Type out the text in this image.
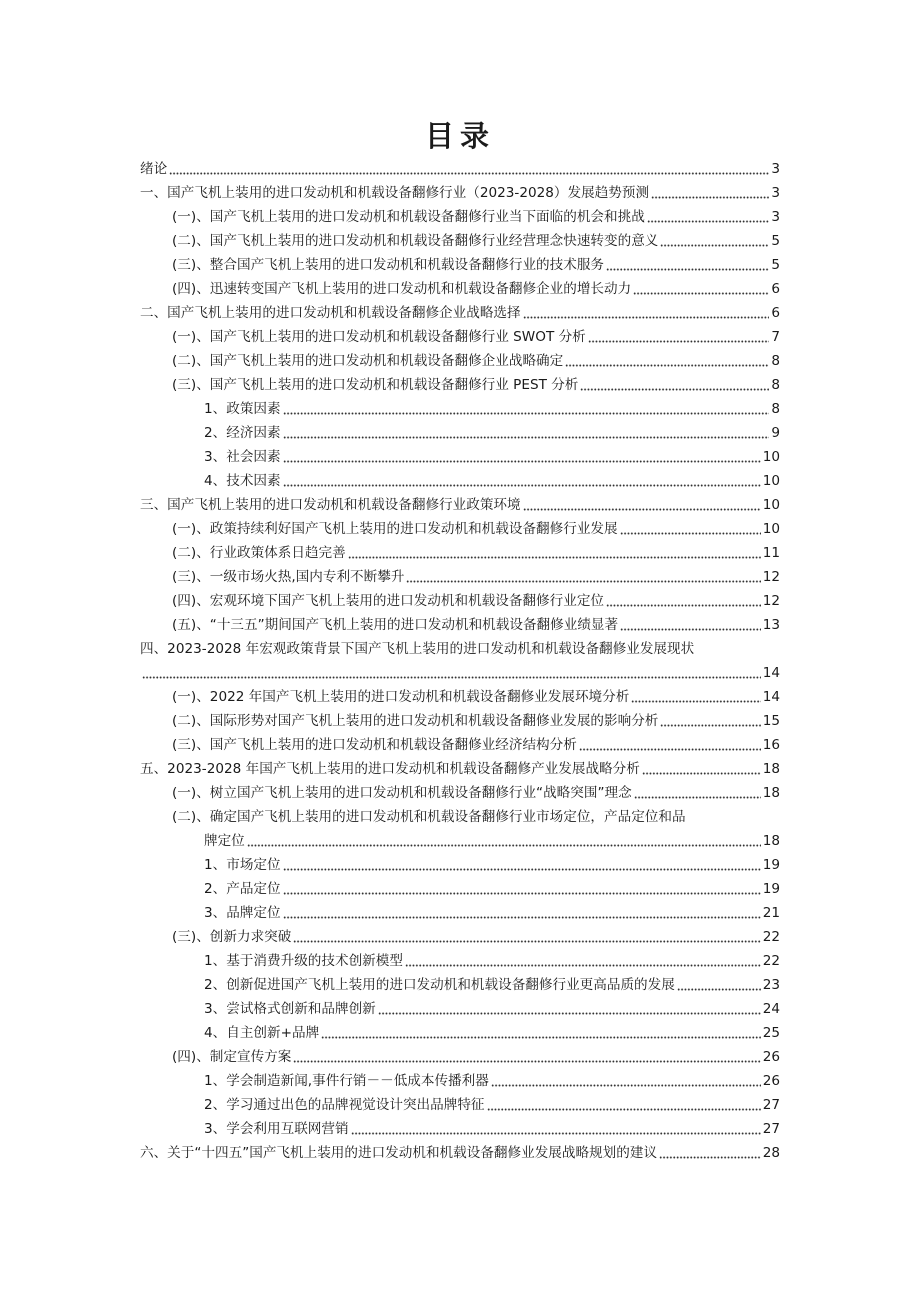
目录
绪论	3
一、国产飞机上装用的进口发动机和机载设备翻修行业（2023-2028）发展趋势预测	3
(一)、国产飞机上装用的进口发动机和机载设备翻修行业当下面临的机会和挑战	3
(二)、国产飞机上装用的进口发动机和机载设备翻修行业经营理念快速转变的意义	5
(三)、整合国产飞机上装用的进口发动机和机载设备翻修行业的技术服务	5
(四)、迅速转变国产飞机上装用的进口发动机和机载设备翻修企业的增长动力	6
二、国产飞机上装用的进口发动机和机载设备翻修企业战略选择	6
(一)、国产飞机上装用的进口发动机和机载设备翻修行业 SWOT 分析	7
(二)、国产飞机上装用的进口发动机和机载设备翻修企业战略确定	8
(三)、国产飞机上装用的进口发动机和机载设备翻修行业 PEST 分析	8
1、政策因素	8
2、经济因素	9
3、社会因素	10
4、技术因素	10
三、国产飞机上装用的进口发动机和机载设备翻修行业政策环境	10
(一)、政策持续利好国产飞机上装用的进口发动机和机载设备翻修行业发展	10
(二)、行业政策体系日趋完善	11
(三)、一级市场火热,国内专利不断攀升	12
(四)、宏观环境下国产飞机上装用的进口发动机和机载设备翻修行业定位	12
(五)、“十三五”期间国产飞机上装用的进口发动机和机载设备翻修业绩显著	13
四、2023-2028 年宏观政策背景下国产飞机上装用的进口发动机和机载设备翻修业发展现状
14
(一)、2022 年国产飞机上装用的进口发动机和机载设备翻修业发展环境分析	14
(二)、国际形势对国产飞机上装用的进口发动机和机载设备翻修业发展的影响分析	15
(三)、国产飞机上装用的进口发动机和机载设备翻修业经济结构分析	16
五、2023-2028 年国产飞机上装用的进口发动机和机载设备翻修产业发展战略分析	18
(一)、树立国产飞机上装用的进口发动机和机载设备翻修行业“战略突围”理念	18
(二)、确定国产飞机上装用的进口发动机和机载设备翻修行业市场定位，产品定位和品
牌定位	18
1、市场定位	19
2、产品定位	19
3、品牌定位	21
(三)、创新力求突破	22
1、基于消费升级的技术创新模型	22
2、创新促进国产飞机上装用的进口发动机和机载设备翻修行业更高品质的发展	23
3、尝试格式创新和品牌创新	24
4、自主创新+品牌	25
(四)、制定宣传方案	26
1、学会制造新闻,事件行销－－低成本传播利器	26
2、学习通过出色的品牌视觉设计突出品牌特征	27
3、学会利用互联网营销	27
六、关于“十四五”国产飞机上装用的进口发动机和机载设备翻修业发展战略规划的建议	28
